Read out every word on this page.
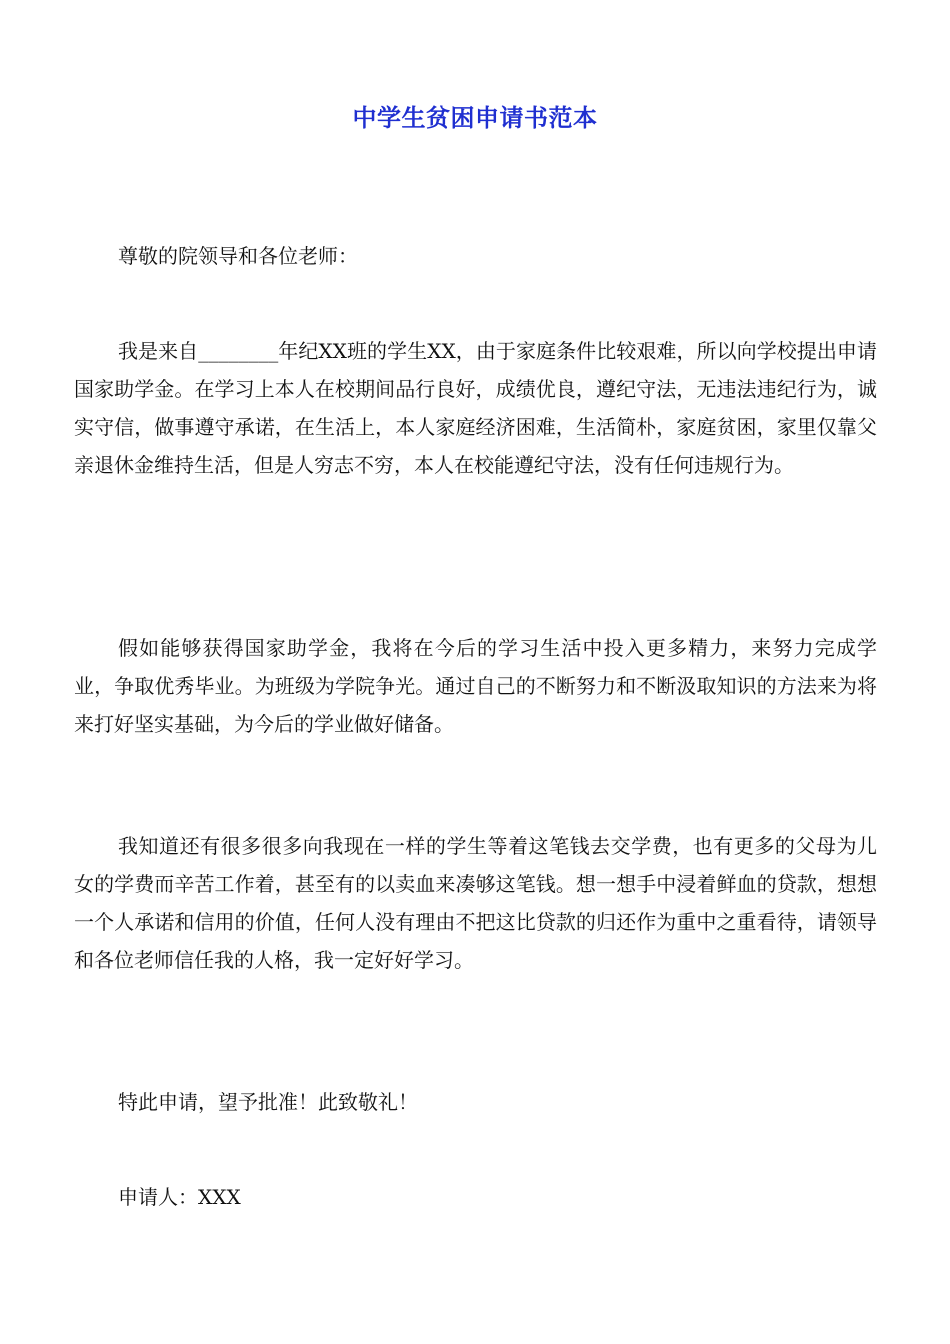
中学生贫困申请书范本

尊敬的院领导和各位老师：

我是来自________年纪XX班的学生XX，由于家庭条件比较艰难，所以向学校提出申请国家助学金。在学习上本人在校期间品行良好，成绩优良，遵纪守法，无违法违纪行为，诚实守信，做事遵守承诺，在生活上，本人家庭经济困难，生活简朴，家庭贫困，家里仅靠父亲退休金维持生活，但是人穷志不穷，本人在校能遵纪守法，没有任何违规行为。

假如能够获得国家助学金，我将在今后的学习生活中投入更多精力，来努力完成学业，争取优秀毕业。为班级为学院争光。通过自己的不断努力和不断汲取知识的方法来为将来打好坚实基础，为今后的学业做好储备。

我知道还有很多很多向我现在一样的学生等着这笔钱去交学费，也有更多的父母为儿女的学费而辛苦工作着，甚至有的以卖血来凑够这笔钱。想一想手中浸着鲜血的贷款，想想一个人承诺和信用的价值，任何人没有理由不把这比贷款的归还作为重中之重看待，请领导和各位老师信任我的人格，我一定好好学习。

特此申请，望予批准！此致敬礼！

申请人：XXX
